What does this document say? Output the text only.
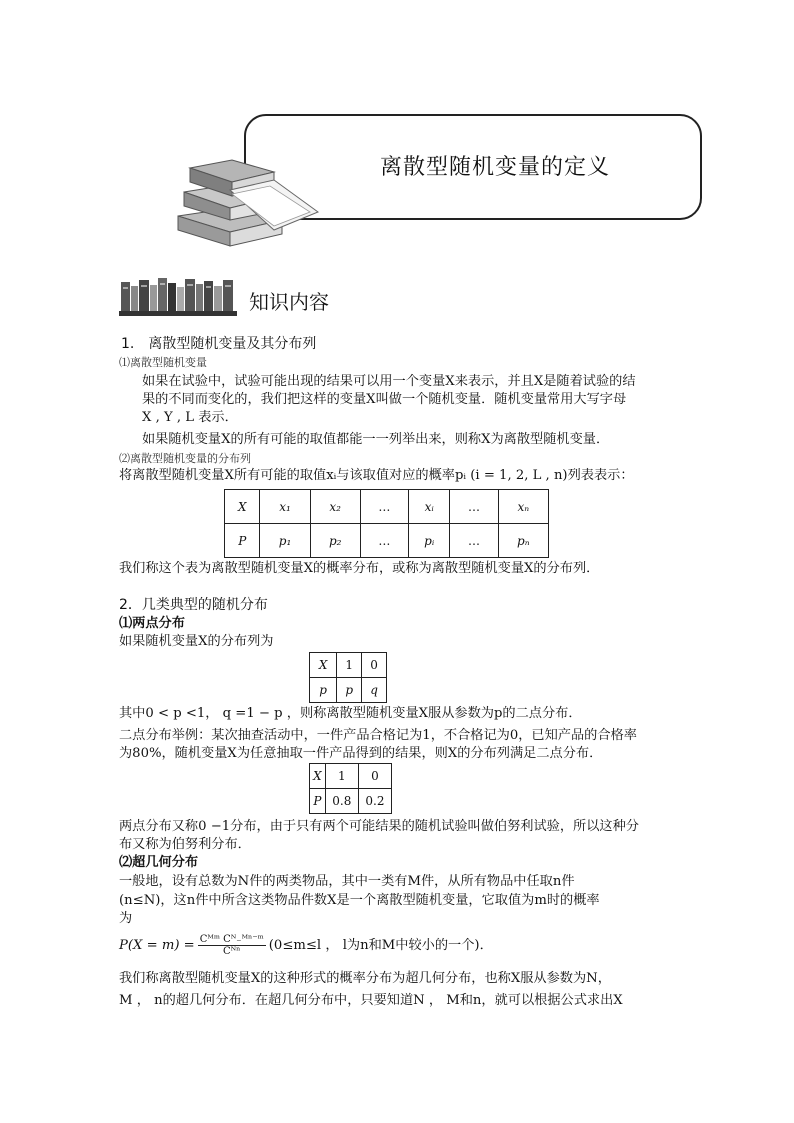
离散型随机变量的定义
知识内容
1.　离散型随机变量及其分布列
⑴离散型随机变量
如果在试验中，试验可能出现的结果可以用一个变量X来表示，并且X是随着试验的结
果的不同而变化的，我们把这样的变量X叫做一个随机变量．随机变量常用大写字母
X , Y , L 表示．
如果随机变量X的所有可能的取值都能一一列举出来，则称X为离散型随机变量．
⑵离散型随机变量的分布列
将离散型随机变量X所有可能的取值xᵢ与该取值对应的概率pᵢ (i = 1, 2, L , n)列表表示：
X	x₁	x₂	…	xᵢ	…	xₙ
P	p₁	p₂	…	pᵢ	…	pₙ
我们称这个表为离散型随机变量X的概率分布，或称为离散型随机变量X的分布列．
2．几类典型的随机分布
⑴两点分布
如果随机变量X的分布列为
X	1	0
p	p	q
其中0 < p <1， q =1 − p ，则称离散型随机变量X服从参数为p的二点分布．
二点分布举例：某次抽查活动中，一件产品合格记为1，不合格记为0，已知产品的合格率
为80%，随机变量X为任意抽取一件产品得到的结果，则X的分布列满足二点分布．
X	1	0
P	0.8	0.2
两点分布又称0 −1分布，由于只有两个可能结果的随机试验叫做伯努利试验，所以这种分
布又称为伯努利分布．
⑵超几何分布
一般地，设有总数为N件的两类物品，其中一类有M件，从所有物品中任取n件
(n≤N)，这n件中所含这类物品件数X是一个离散型随机变量，它取值为m时的概率
为
$P(X = m) = \frac{\text{Cᴹᵐ Cᴺ₋ᴹⁿ⁻ᵐ}}{\text{Cᴺⁿ}} (0\le m\le l$ ， l为n和M中较小的一个)．
我们称离散型随机变量X的这种形式的概率分布为超几何分布，也称X服从参数为N，
M ， n的超几何分布．在超几何分布中，只要知道N ， M和n，就可以根据公式求出X
